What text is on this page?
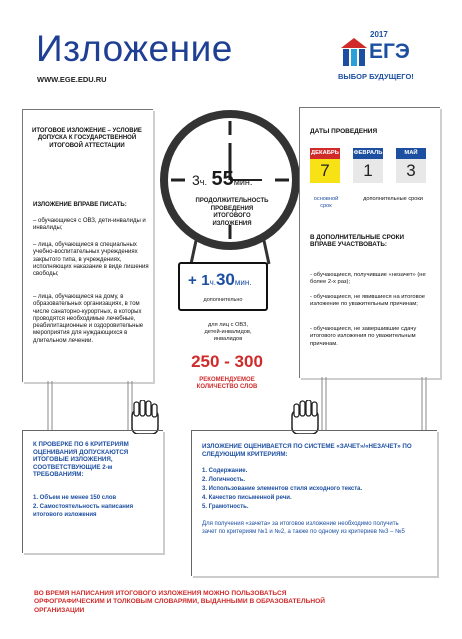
Изложение
WWW.EGE.EDU.RU
2017
ЕГЭ
ВЫБОР БУДУЩЕГО!
ИТОГОВОЕ ИЗЛОЖЕНИЕ – УСЛОВИЕ ДОПУСКА К ГОСУДАРСТВЕННОЙ ИТОГОВОЙ АТТЕСТАЦИИ
ИЗЛОЖЕНИЕ ВПРАВЕ ПИСАТЬ:
– обучающиеся с ОВЗ, дети-инвалиды и инвалиды;
– лица, обучающиеся в специальных учебно-воспитательных учреждениях закрытого типа, в учреждениях, исполняющих наказание в виде лишения свободы;
– лица, обучающиеся на дому, в образовательных организациях, в том числе санаторно-курортных, в которых проводятся необходимые лечебные, реабилитационные и оздоровительные мероприятия для нуждающихся в длительном лечении.
3ч. 55мин.
ПРОДОЛЖИТЕЛЬНОСТЬ ПРОВЕДЕНИЯ ИТОГОВОГО ИЗЛОЖЕНИЯ
+ 1ч.30мин.
дополнительно
для лиц с ОВЗ, детей-инвалидов, инвалидов
250 - 300
РЕКОМЕНДУЕМОЕ КОЛИЧЕСТВО СЛОВ
ДАТЫ ПРОВЕДЕНИЯ
ДЕКАБРЬ
7
ФЕВРАЛЬ
1
МАЙ
3
основной срок
дополнительные сроки
В ДОПОЛНИТЕЛЬНЫЕ СРОКИ ВПРАВЕ УЧАСТВОВАТЬ:
- обучающиеся, получившие «незачет» (не более 2-х раз);
- обучающиеся, не явившиеся на итоговое изложение по уважительным причинам;
- обучающиеся, не завершившие сдачу итогового изложения по уважительным причинам.
К ПРОВЕРКЕ ПО 6 КРИТЕРИЯМ ОЦЕНИВАНИЯ ДОПУСКАЮТСЯ ИТОГОВЫЕ ИЗЛОЖЕНИЯ, СООТВЕТСТВУЮЩИЕ 2-м ТРЕБОВАНИЯМ:
1. Объем не менее 150 слов
2. Самостоятельность написания итогового изложения
ИЗЛОЖЕНИЕ ОЦЕНИВАЕТСЯ ПО СИСТЕМЕ «ЗАЧЕТ»/«НЕЗАЧЕТ» ПО СЛЕДУЮЩИМ КРИТЕРИЯМ:
1. Содержание.
2. Логичность.
3. Использование элементов стиля исходного текста.
4. Качество письменной речи.
5. Грамотность.
Для получения «зачета» за итоговое изложение необходимо получить зачет по критериям №1 и №2, а также по одному из критериев №3 – №5
ВО ВРЕМЯ НАПИСАНИЯ ИТОГОВОГО ИЗЛОЖЕНИЯ МОЖНО ПОЛЬЗОВАТЬСЯ ОРФОГРАФИЧЕСКИМ И ТОЛКОВЫМ СЛОВАРЯМИ, ВЫДАННЫМИ В ОБРАЗОВАТЕЛЬНОЙ ОРГАНИЗАЦИИ
